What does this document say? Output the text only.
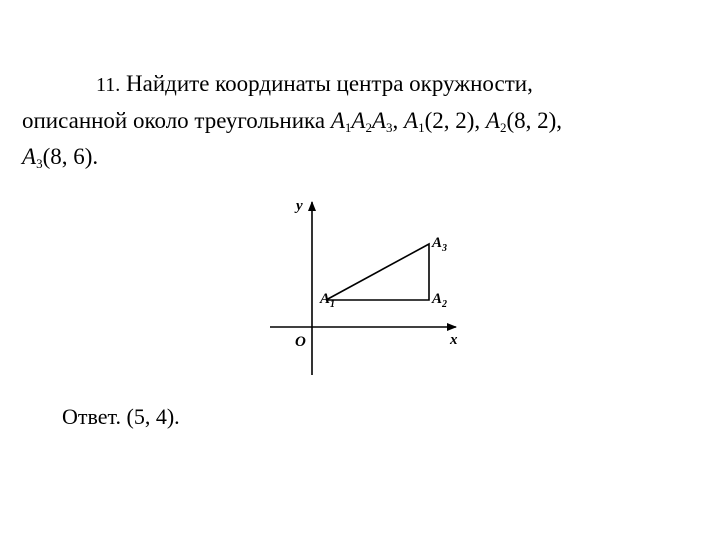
11. Найдите координаты центра окружности,
описанной около треугольника $A_1A_2A_3$, $A_1(2$, 2), $A_2(8$, 2),
$A_3(8$, 6).
y
x
O
$A_1$	$A_2$
$A_3$
Ответ. (5, 4).
